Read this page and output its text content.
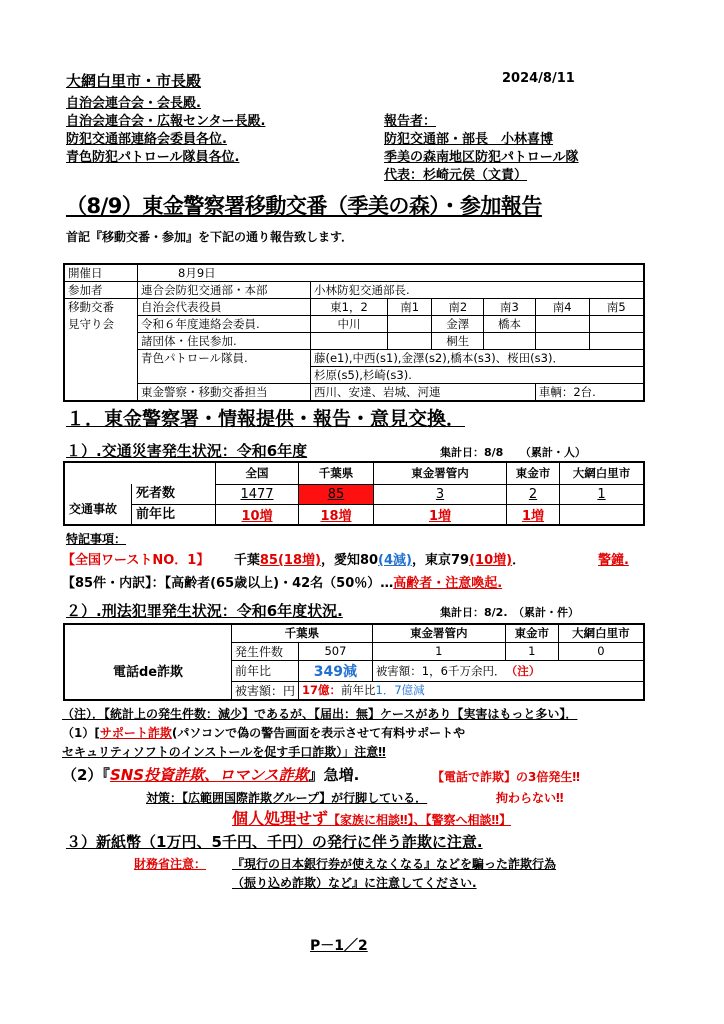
大網白里市・市長殿	2024/8/11
自治会連合会・会長殿.
自治会連合会・広報センター長殿.
防犯交通部連絡会委員各位.
青色防犯パトロール隊員各位.
報告者：
防犯交通部・部長　小林喜博
季美の森南地区防犯パトロール隊
代表：杉崎元侯（文責）
（8/9）東金警察署移動交番（季美の森）・参加報告
首記『移動交番・参加』を下記の通り報告致します．
開催日	8月9日						
参加者	連合会防犯交通部・本部	小林防犯交通部長.					
移動交番	自治会代表役員	東1，2	南1	南2	南3	南4	南5
見守り会	令和６年度連絡会委員.	中川		金澤	橋本		
	諸団体・住民参加.			桐生			
	青色パトロール隊員.	藤(e1),中西(s1),金澤(s2),橋本(s3)、桜田(s3)．					
		杉原(s5),杉崎(s3).					
	東金警察・移動交番担当	西川、安達、岩城、河連				車輌：2台.	
１．東金警察署・情報提供・報告・意見交換．
１）.交通災害発生状況：令和6年度	集計日：8/8　　（累計・人）
	全国	千葉県	東金署管内	東金市	大網白里市

死者数	1477	85	3	2	1

前年比	10増	18増	1増	1増	
交通事故
特記事項：
【全国ワーストNO．1】 千葉85(18増)，愛知80(4減)，東京79(10増)．	警鐘.
【85件・内訳】：【高齢者(65歳以上)・42名（50％）…高齢者・注意喚起.
２）.刑法犯罪発生状況：令和6年度状況.	集計日：8/2.　（累計・件）
	千葉県		東金署管内	東金市	大網白里市
電話de詐欺	発生件数	507	1	1	0
	前年比	349減	被害額：1，6千万余円． （注）		
	被害額：円	17億：前年比1．7億減			
（注）．【統計上の発生件数：減少】であるが、【届出：無】ケースがあり【実害はもっと多い】．
（1）[サポート詐欺(パソコンで偽の警告画面を表示させて有料サポートや
セキュリティソフトのインストールを促す手口詐欺）」注意‼
（2）『SNS投資詐欺、ロマンス詐欺』急増.	【電話で詐欺】の3倍発生‼
対策：【広範囲国際詐欺グループ】が行脚している．	拘わらない‼
個人処理せず【家族に相談‼】、【警察へ相談‼】
３）新紙幣（1万円、5千円、千円）の発行に伴う詐欺に注意.
財務省注意： 『現行の日本銀行券が使えなくなる』などを騙った詐欺行為
（振り込め詐欺）など』に注意してください.
P－1／2
